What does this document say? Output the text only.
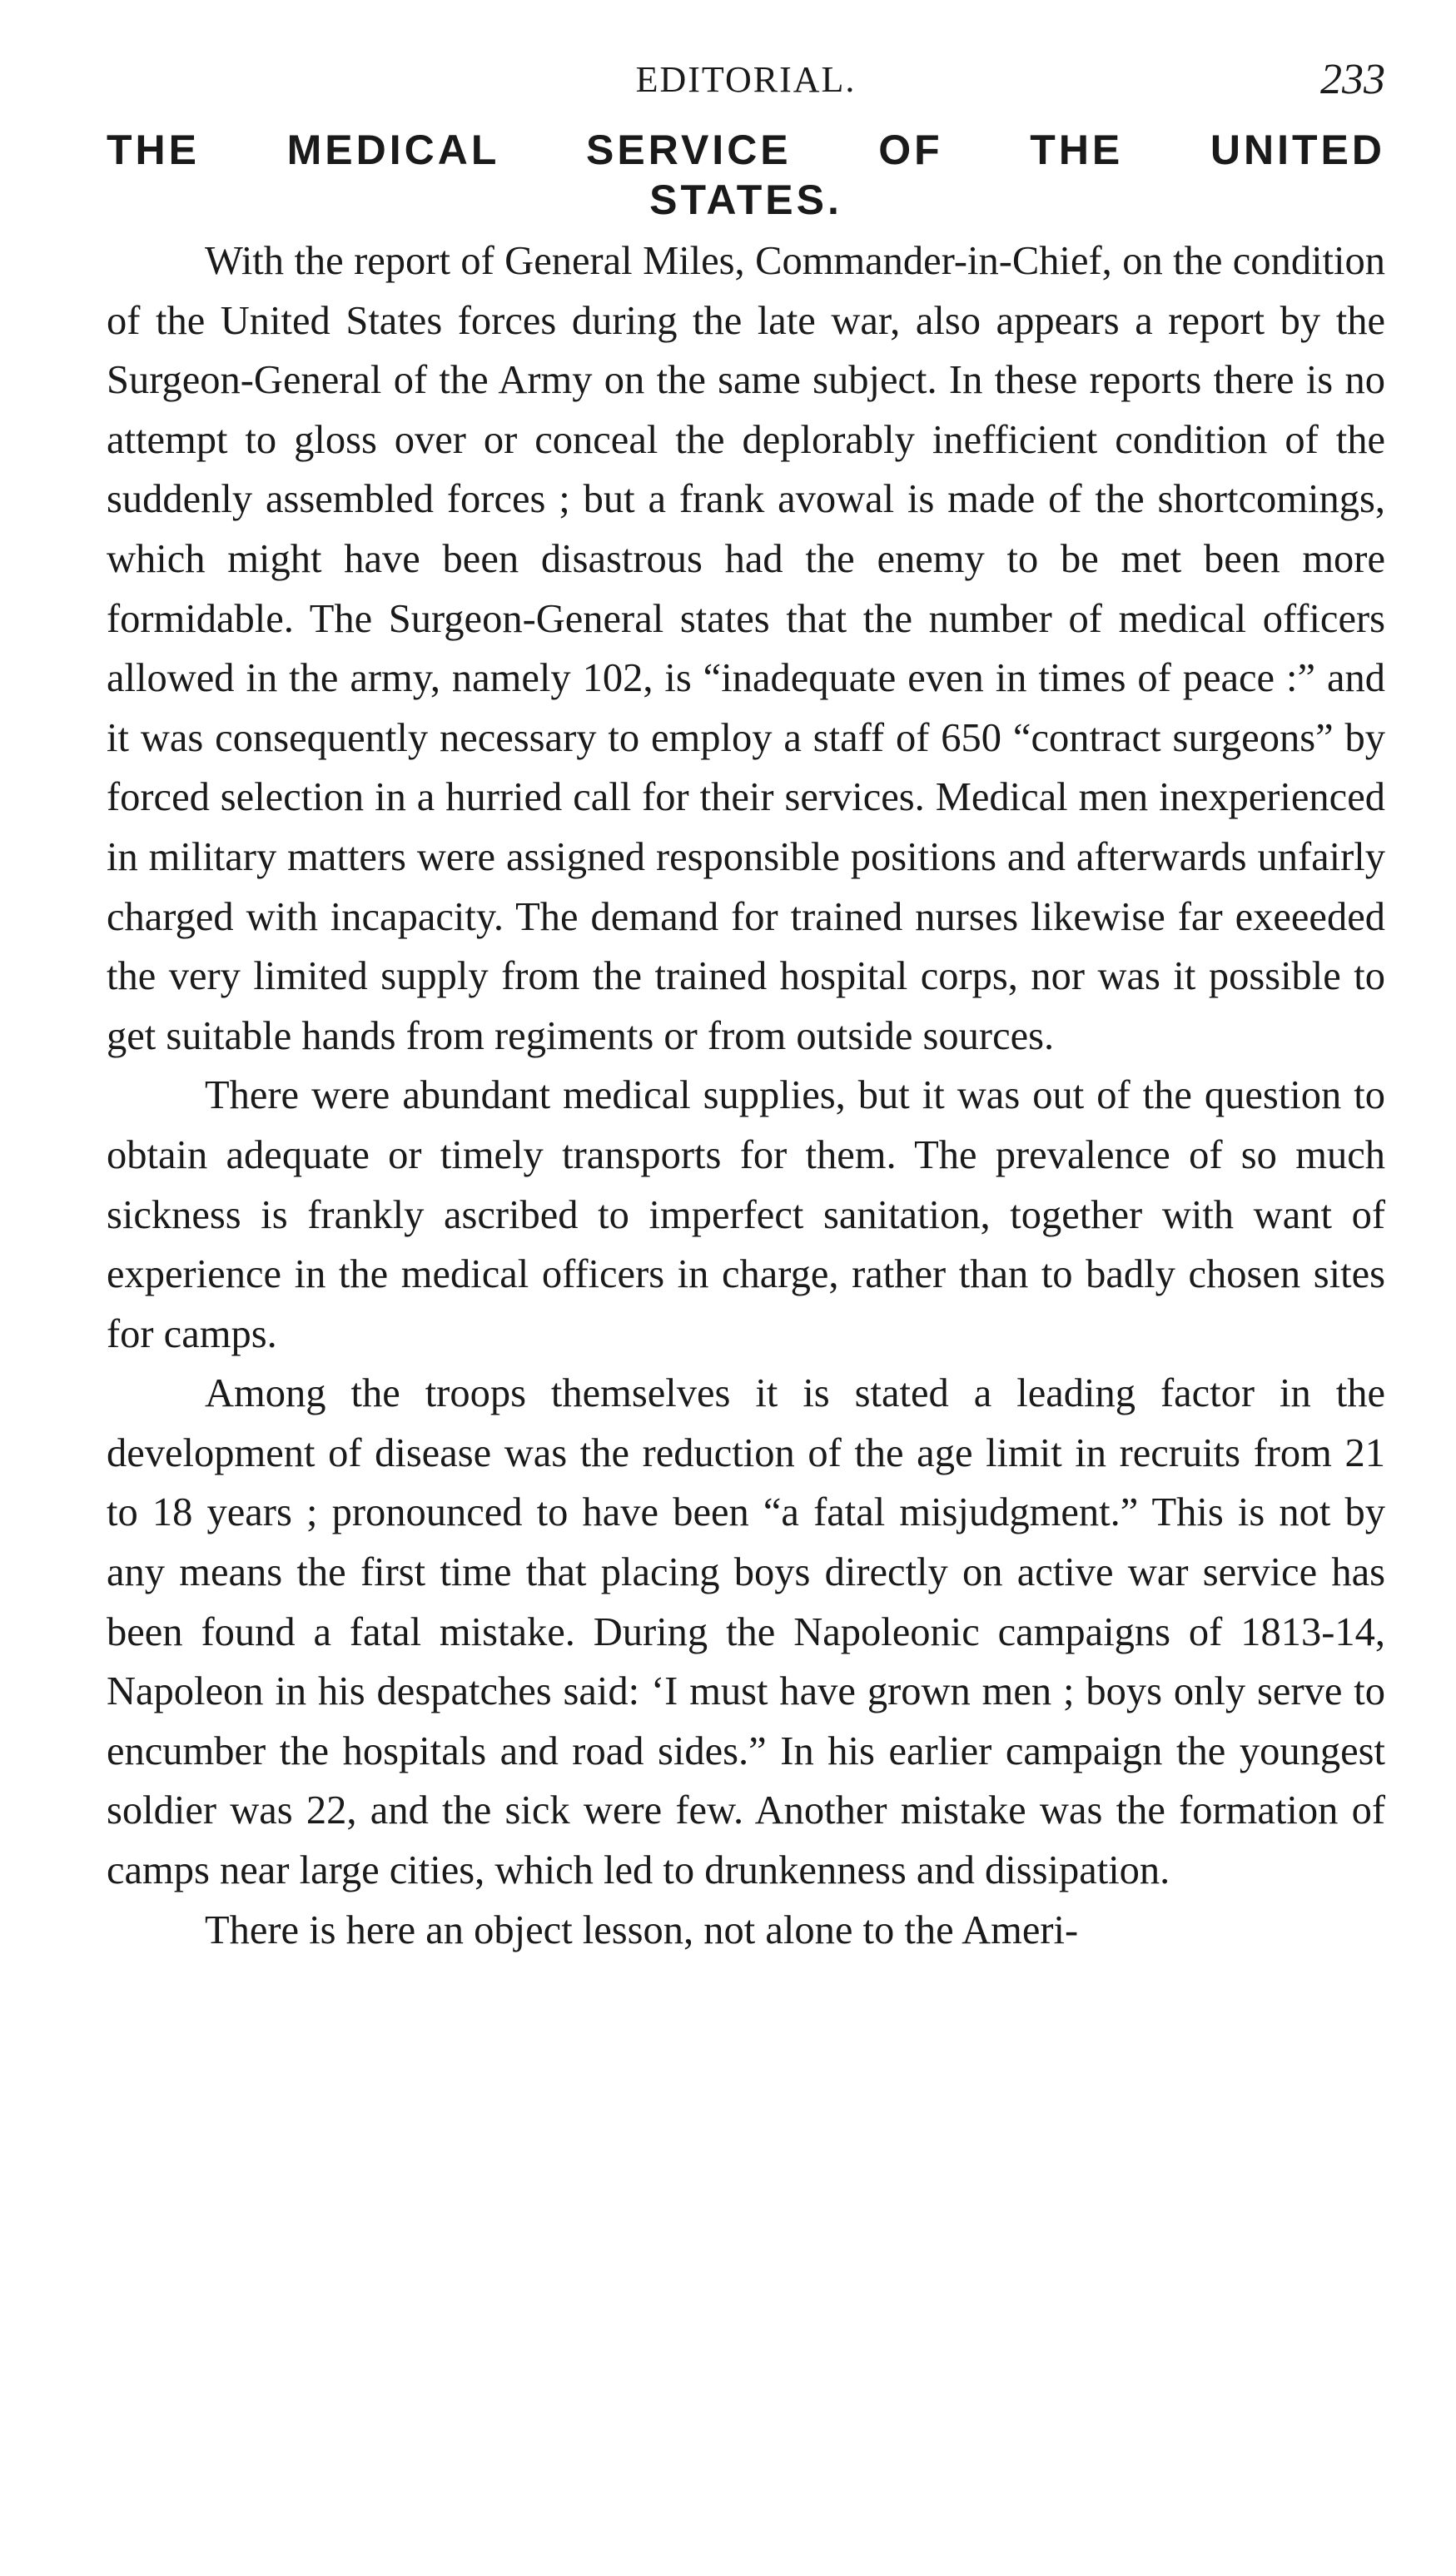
EDITORIAL.	233
THE MEDICAL SERVICE OF THE UNITED
STATES.

With the report of General Miles, Commander-in-Chief, on the condition of the United States forces during the late war, also appears a report by the Surgeon-General of the Army on the same subject. In these reports there is no attempt to gloss over or conceal the deplorably inefficient condition of the suddenly assembled forces ; but a frank avowal is made of the shortcomings, which might have been disastrous had the enemy to be met been more formidable. The Surgeon-General states that the number of medical officers allowed in the army, namely 102, is “inadequate even in times of peace :” and it was consequently necessary to employ a staff of 650 “contract surgeons” by forced selection in a hurried call for their services. Medical men inexperienced in military matters were assigned responsible positions and afterwards unfairly charged with incapacity. The demand for trained nurses likewise far exeeeded the very limited supply from the trained hospital corps, nor was it possible to get suitable hands from regiments or from outside sources.

There were abundant medical supplies, but it was out of the question to obtain adequate or timely transports for them. The prevalence of so much sickness is frankly ascribed to imperfect sanitation, together with want of experience in the medical officers in charge, rather than to badly chosen sites for camps.

Among the troops themselves it is stated a leading factor in the development of disease was the reduction of the age limit in recruits from 21 to 18 years ; pronounced to have been “a fatal misjudgment.” This is not by any means the first time that placing boys directly on active war service has been found a fatal mistake. During the Napoleonic campaigns of 1813-14, Napoleon in his despatches said: ‘I must have grown men ; boys only serve to encumber the hospitals and road sides.” In his earlier campaign the youngest soldier was 22, and the sick were few. Another mistake was the formation of camps near large cities, which led to drunkenness and dissipation.

There is here an object lesson, not alone to the Ameri-
